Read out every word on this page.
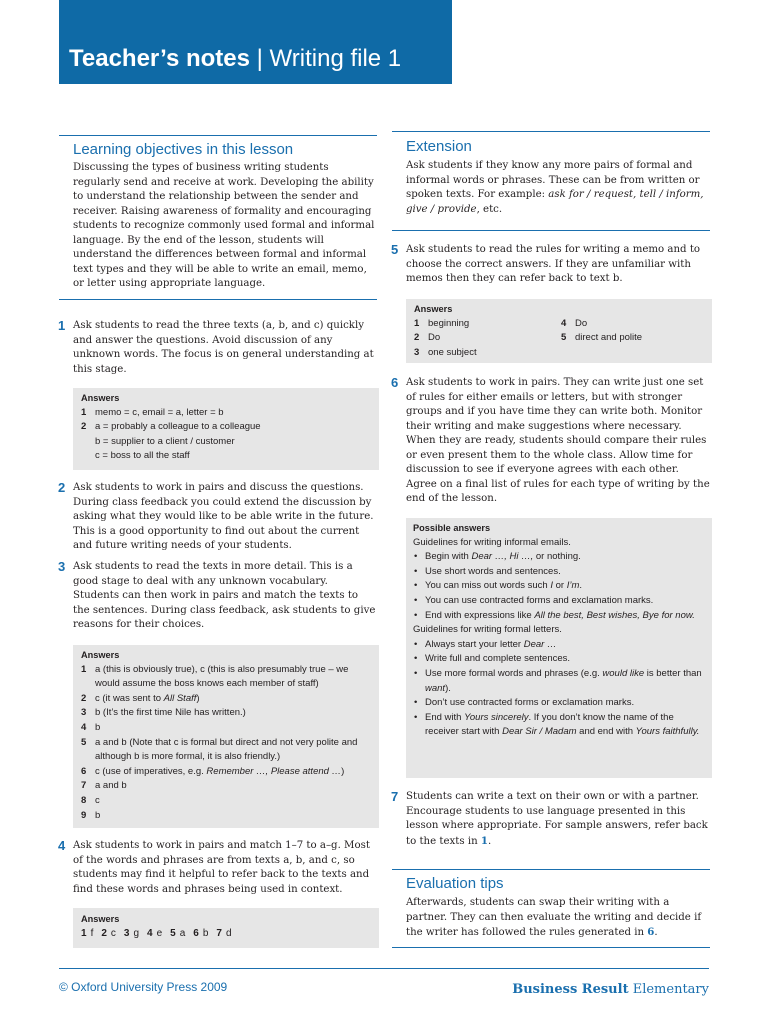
Teacher’s notes | Writing file 1
Learning objectives in this lesson

Discussing the types of business writing students regularly send and receive at work. Developing the ability to understand the relationship between the sender and receiver. Raising awareness of formality and encouraging students to recognize commonly used formal and informal language. By the end of the lesson, students will understand the differences between formal and informal text types and they will be able to write an email, memo, or letter using appropriate language.

1 Ask students to read the three texts (a, b, and c) quickly and answer the questions. Avoid discussion of any unknown words. The focus is on general understanding at this stage.

Answers
1 memo = c, email = a, letter = b
2 a = probably a colleague to a colleague
b = supplier to a client / customer
c = boss to all the staff
2 Ask students to work in pairs and discuss the questions. During class feedback you could extend the discussion by asking what they would like to be able write in the future. This is a good opportunity to find out about the current and future writing needs of your students.

3 Ask students to read the texts in more detail. This is a good stage to deal with any unknown vocabulary. Students can then work in pairs and match the texts to the sentences. During class feedback, ask students to give reasons for their choices.

Answers
1 a (this is obviously true), c (this is also presumably true – we would assume the boss knows each member of staff)
2 c (it was sent to All Staff)
3 b (It’s the first time Nile has written.)
4 b
5 a and b (Note that c is formal but direct and not very polite and although b is more formal, it is also friendly.)
6 c (use of imperatives, e.g. Remember …, Please attend …)
7 a and b
8 c
9 b
4 Ask students to work in pairs and match 1–7 to a–g. Most of the words and phrases are from texts a, b, and c, so students may find it helpful to refer back to the texts and find these words and phrases being used in context.

Answers
1 f 2 c 3 g 4 e 5 a 6 b 7 d
Extension

Ask students if they know any more pairs of formal and informal words or phrases. These can be from written or spoken texts. For example: ask for / request, tell / inform, give / provide, etc.

5 Ask students to read the rules for writing a memo and to choose the correct answers. If they are unfamiliar with memos then they can refer back to text b.

Answers
1 beginning
2 Do
3 one subject
4 Do
5 direct and polite
6 Ask students to work in pairs. They can write just one set of rules for either emails or letters, but with stronger groups and if you have time they can write both. Monitor their writing and make suggestions where necessary. When they are ready, students should compare their rules or even present them to the whole class. Allow time for discussion to see if everyone agrees with each other. Agree on a final list of rules for each type of writing by the end of the lesson.

Possible answers
Guidelines for writing informal emails.
• Begin with Dear …, Hi …, or nothing.
• Use short words and sentences.
• You can miss out words such I or I’m.
• You can use contracted forms and exclamation marks.
• End with expressions like All the best, Best wishes, Bye for now.
Guidelines for writing formal letters.
• Always start your letter Dear …
• Write full and complete sentences.
• Use more formal words and phrases (e.g. would like is better than want).
• Don’t use contracted forms or exclamation marks.
• End with Yours sincerely. If you don’t know the name of the receiver start with Dear Sir / Madam and end with Yours faithfully.
7 Students can write a text on their own or with a partner. Encourage students to use language presented in this lesson where appropriate. For sample answers, refer back to the texts in 1.

Evaluation tips

Afterwards, students can swap their writing with a partner. They can then evaluate the writing and decide if the writer has followed the rules generated in 6.

© Oxford University Press 2009	Business Result Elementary
